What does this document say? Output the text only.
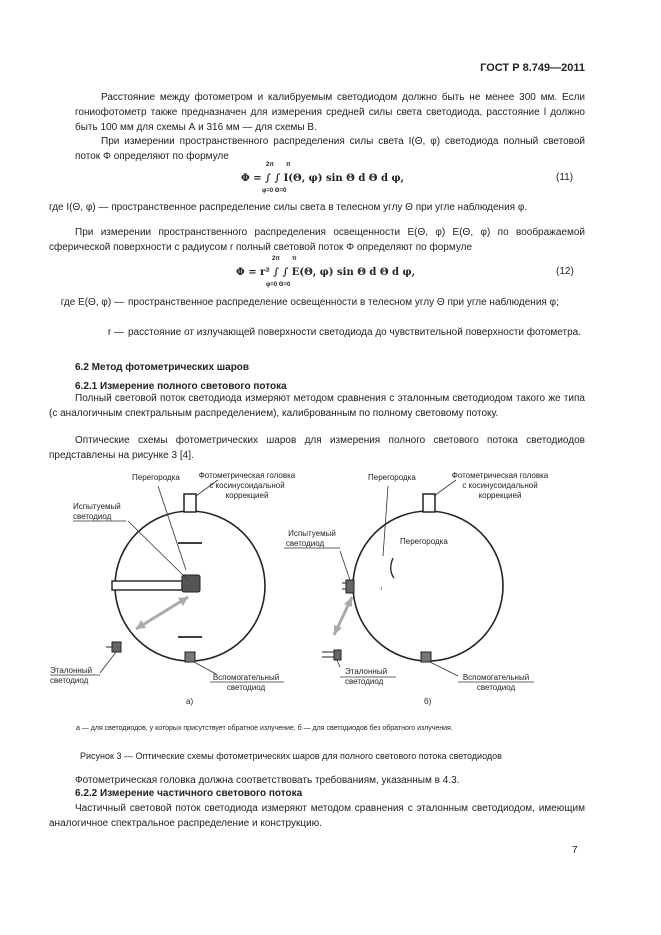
ГОСТ Р 8.749—2011

Расстояние между фотометром и калибруемым светодиодом должно быть не менее 300 мм. Если гониофотометр также предназначен для измерения средней силы света светодиода, расстояние l должно быть 100 мм для схемы А и 316 мм — для схемы В.

При измерении пространственного распределения силы света I(Θ, φ) светодиода полный световой поток Φ определяют по формуле

Φ = ∫ ∫ I(Θ, φ) sin Θ d Θ d φ,
2π π
φ=0 Θ=0
(11)

где I(Θ, φ) — пространственное распределение силы света в телесном углу Θ при угле наблюдения φ.

При измерении пространственного распределения освещенности E(Θ, φ) E(Θ, φ) по воображаемой сферической поверхности с радиусом r полный световой поток Φ определяют по формуле

Φ = r² ∫ ∫ E(Θ, φ) sin Θ d Θ d φ,
2π π
φ=0 Θ=0
(12)
где E(Θ, φ) — пространственное распределение освещенности в телесном углу Θ при угле наблюдения φ;
r — расстояние от излучающей поверхности светодиода до чувствительной поверхности фотометра.
6.2 Метод фотометрических шаров
6.2.1 Измерение полного светового потока

Полный световой поток светодиода измеряют методом сравнения с эталонным светодиодом такого же типа (с аналогичным спектральным распределением), калиброванным по полному световому потоку.

Оптические схемы фотометрических шаров для измерения полного светового потока светодиодов представлены на рисунке 3 [4].

Перегородка Фотометрическая головка
с косинусоидальной
коррекцией
Испытуемый
светодиод
Эталонный
светодиод	Вспомогательный
светодиод
а)
·ı
Перегородка
Перегородка
Фотометрическая головка
с косинусоидальной
коррекцией
Испытуемый
светодиод
Эталонный
светодиод	Вспомогательный
светодиод
б)
а — для светодиодов, у которых присутствует обратное излучение, б — для светодиодов без обратного излучения.
Рисунок 3 — Оптические схемы фотометрических шаров для полного светового потока светодиодов

Фотометрическая головка должна соответствовать требованиям, указанным в 4.3.

6.2.2 Измерение частичного светового потока

Частичный световой поток светодиода измеряют методом сравнения с эталонным светодиодом, имеющим аналогичное спектральное распределение и конструкцию.

7
